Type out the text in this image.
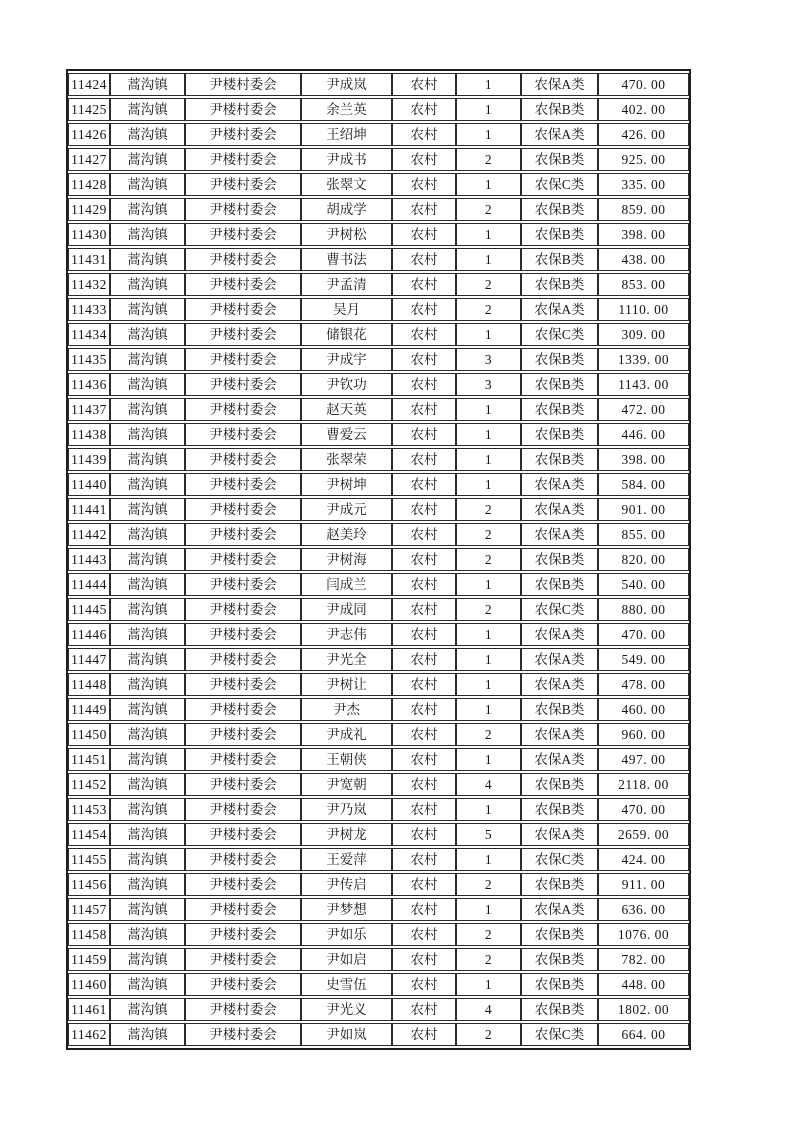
11424	蒿沟镇	尹楼村委会	尹成岚	农村	1	农保A类	470. 00
11425	蒿沟镇	尹楼村委会	余兰英	农村	1	农保B类	402. 00
11426	蒿沟镇	尹楼村委会	王绍坤	农村	1	农保A类	426. 00
11427	蒿沟镇	尹楼村委会	尹成书	农村	2	农保B类	925. 00
11428	蒿沟镇	尹楼村委会	张翠文	农村	1	农保C类	335. 00
11429	蒿沟镇	尹楼村委会	胡成学	农村	2	农保B类	859. 00
11430	蒿沟镇	尹楼村委会	尹树松	农村	1	农保B类	398. 00
11431	蒿沟镇	尹楼村委会	曹书法	农村	1	农保B类	438. 00
11432	蒿沟镇	尹楼村委会	尹孟清	农村	2	农保B类	853. 00
11433	蒿沟镇	尹楼村委会	吴月	农村	2	农保A类	1110. 00
11434	蒿沟镇	尹楼村委会	储银花	农村	1	农保C类	309. 00
11435	蒿沟镇	尹楼村委会	尹成宇	农村	3	农保B类	1339. 00
11436	蒿沟镇	尹楼村委会	尹钦功	农村	3	农保B类	1143. 00
11437	蒿沟镇	尹楼村委会	赵天英	农村	1	农保B类	472. 00
11438	蒿沟镇	尹楼村委会	曹爱云	农村	1	农保B类	446. 00
11439	蒿沟镇	尹楼村委会	张翠荣	农村	1	农保B类	398. 00
11440	蒿沟镇	尹楼村委会	尹树坤	农村	1	农保A类	584. 00
11441	蒿沟镇	尹楼村委会	尹成元	农村	2	农保A类	901. 00
11442	蒿沟镇	尹楼村委会	赵美玲	农村	2	农保A类	855. 00
11443	蒿沟镇	尹楼村委会	尹树海	农村	2	农保B类	820. 00
11444	蒿沟镇	尹楼村委会	闫成兰	农村	1	农保B类	540. 00
11445	蒿沟镇	尹楼村委会	尹成同	农村	2	农保C类	880. 00
11446	蒿沟镇	尹楼村委会	尹志伟	农村	1	农保A类	470. 00
11447	蒿沟镇	尹楼村委会	尹光全	农村	1	农保A类	549. 00
11448	蒿沟镇	尹楼村委会	尹树让	农村	1	农保A类	478. 00
11449	蒿沟镇	尹楼村委会	尹杰	农村	1	农保B类	460. 00
11450	蒿沟镇	尹楼村委会	尹成礼	农村	2	农保A类	960. 00
11451	蒿沟镇	尹楼村委会	王朝侠	农村	1	农保A类	497. 00
11452	蒿沟镇	尹楼村委会	尹宽朝	农村	4	农保B类	2118. 00
11453	蒿沟镇	尹楼村委会	尹乃岚	农村	1	农保B类	470. 00
11454	蒿沟镇	尹楼村委会	尹树龙	农村	5	农保A类	2659. 00
11455	蒿沟镇	尹楼村委会	王爱萍	农村	1	农保C类	424. 00
11456	蒿沟镇	尹楼村委会	尹传启	农村	2	农保B类	911. 00
11457	蒿沟镇	尹楼村委会	尹梦想	农村	1	农保A类	636. 00
11458	蒿沟镇	尹楼村委会	尹如乐	农村	2	农保B类	1076. 00
11459	蒿沟镇	尹楼村委会	尹如启	农村	2	农保B类	782. 00
11460	蒿沟镇	尹楼村委会	史雪伍	农村	1	农保B类	448. 00
11461	蒿沟镇	尹楼村委会	尹光义	农村	4	农保B类	1802. 00
11462	蒿沟镇	尹楼村委会	尹如岚	农村	2	农保C类	664. 00
